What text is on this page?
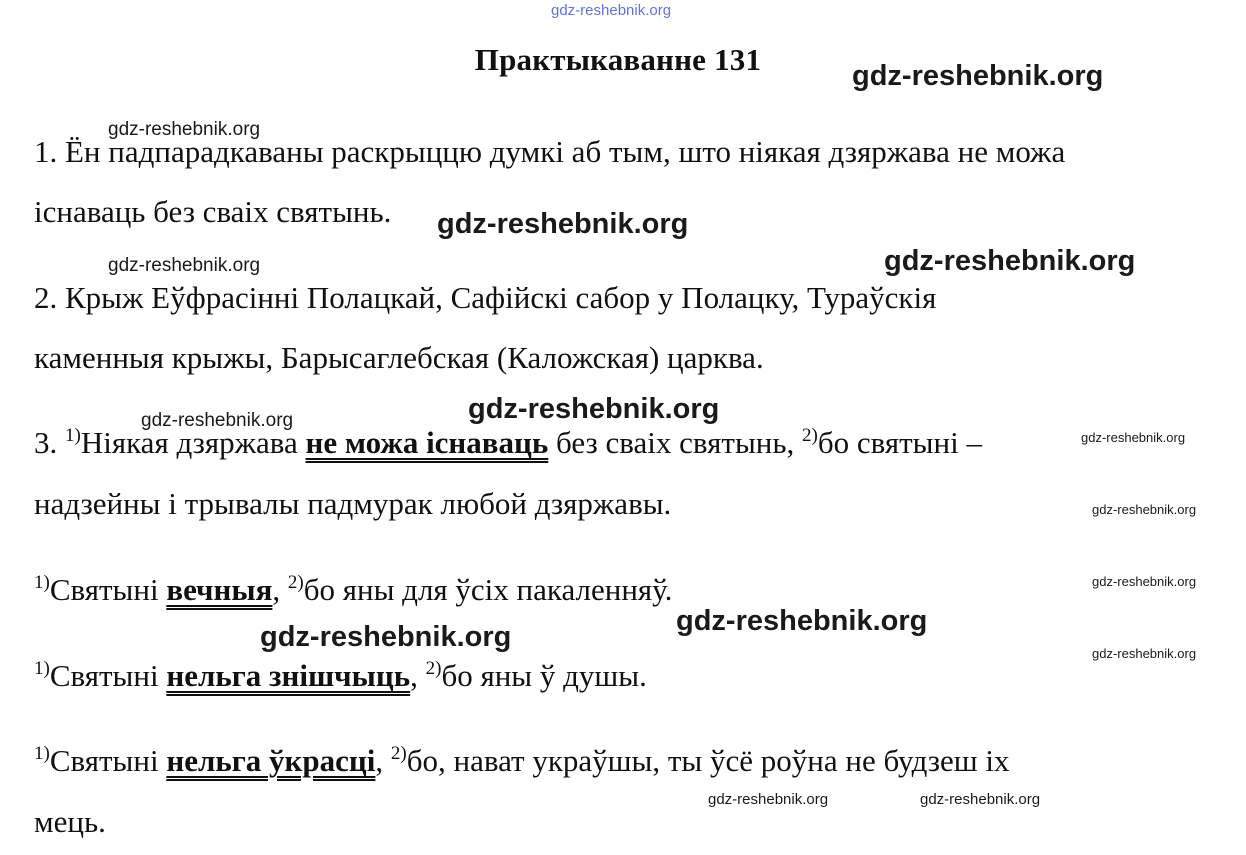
Практыкаванне 131
1. Ён падпарадкаваны раскрыццю думкі аб тым, што ніякая дзяржава не можа
існаваць без сваіх святынь.
2. Крыж Еўфрасінні Полацкай, Сафійскі сабор у Полацку, Тураўскія
каменныя крыжы, Барысаглебская (Каложская) царква.
3. $^{1)}$Ніякая дзяржава не можа існаваць без сваіх святынь, $^{2)}$бо святыні –
надзейны і трывалы падмурак любой дзяржавы.
$^{1)}$Святыні вечныя, $^{2)}$бо яны для ўсіх пакаленняў.
$^{1)}$Святыні нельга знішчыць, $^{2)}$бо яны ў душы.
$^{1)}$Святыні нельга ўкрасці, $^{2)}$бо, нават украўшы, ты ўсё роўна не будзеш іх
мець.
gdz-reshebnik.org
gdz-reshebnik.org
gdz-reshebnik.org
gdz-reshebnik.org
gdz-reshebnik.org	gdz-reshebnik.org
gdz-reshebnik.org	gdz-reshebnik.org
gdz-reshebnik.org
gdz-reshebnik.org
gdz-reshebnik.org
gdz-reshebnik.org
gdz-reshebnik.org
gdz-reshebnik.org
gdz-reshebnik.org	gdz-reshebnik.org
